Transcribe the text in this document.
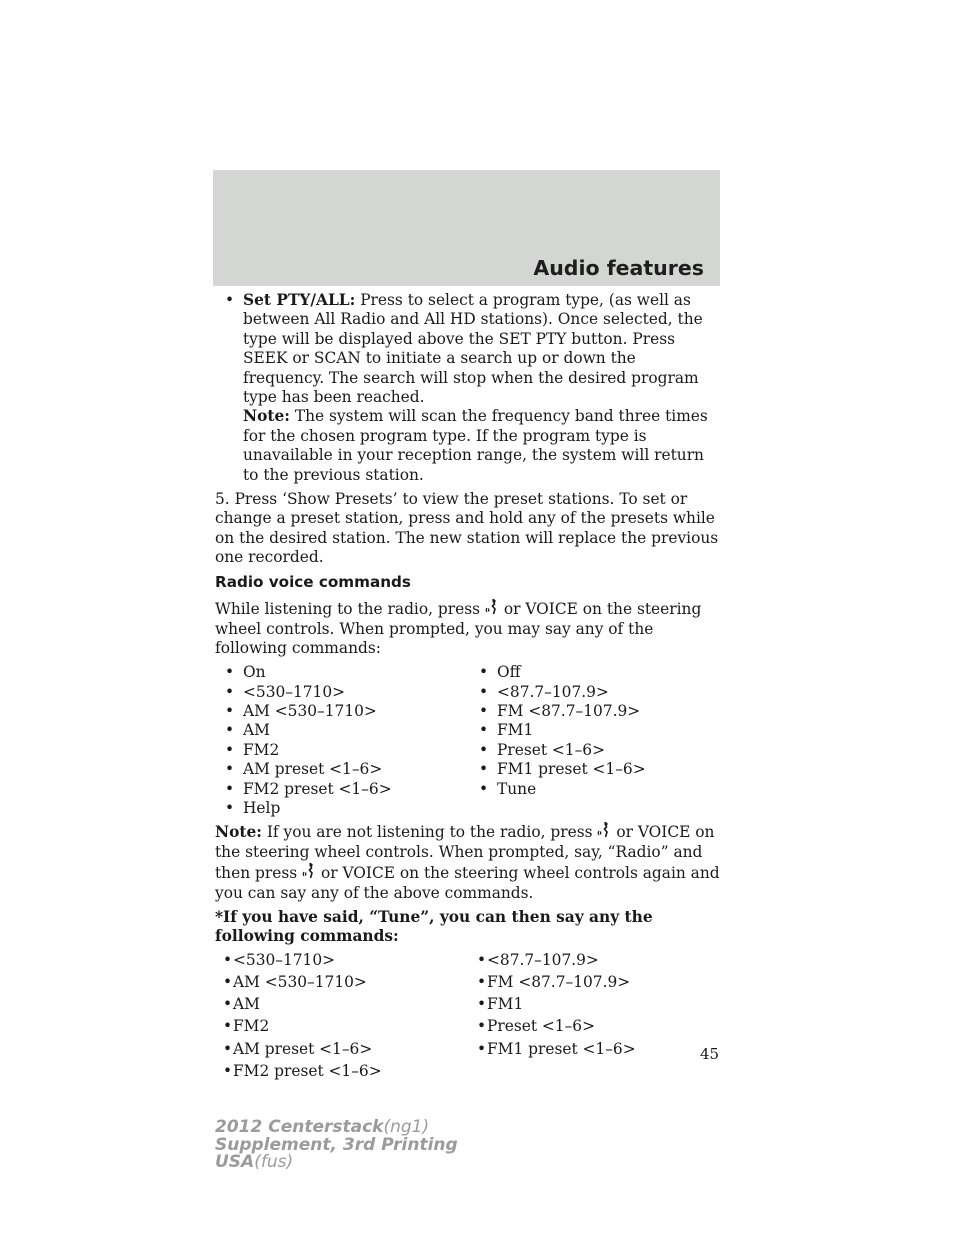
Audio features
• Set PTY/ALL: Press to select a program type, (as well as between All Radio and All HD stations). Once selected, the type will be displayed above the SET PTY button. Press SEEK or SCAN to initiate a search up or down the frequency. The search will stop when the desired program type has been reached.
Note: The system will scan the frequency band three times for the chosen program type. If the program type is unavailable in your reception range, the system will return to the previous station.

5. Press ‘Show Presets’ to view the preset stations. To set or change a preset station, press and hold any of the presets while on the desired station. The new station will replace the previous one recorded.

Radio voice commands

While listening to the radio, press or VOICE on the steering wheel controls. When prompted, you may say any of the following commands:

• On	• Off
• <530–1710>	• <87.7–107.9>
• AM <530–1710>	• FM <87.7–107.9>
• AM	• FM1
• FM2	• Preset <1–6>
• AM preset <1–6>	• FM1 preset <1–6>
• FM2 preset <1–6>	• Tune
• Help

Note: If you are not listening to the radio, press or VOICE on the steering wheel controls. When prompted, say, “Radio” and then press or VOICE on the steering wheel controls again and you can say any of the above commands.

*If you have said, “Tune”, you can then say any the following commands:

• <530–1710>	• <87.7–107.9>
• AM <530–1710>	• FM <87.7–107.9>
• AM	• FM1
• FM2	• Preset <1–6>
• AM preset <1–6>	• FM1 preset <1–6>
• FM2 preset <1–6>
45
2012 Centerstack(ng1)
Supplement, 3rd Printing
USA(fus)
